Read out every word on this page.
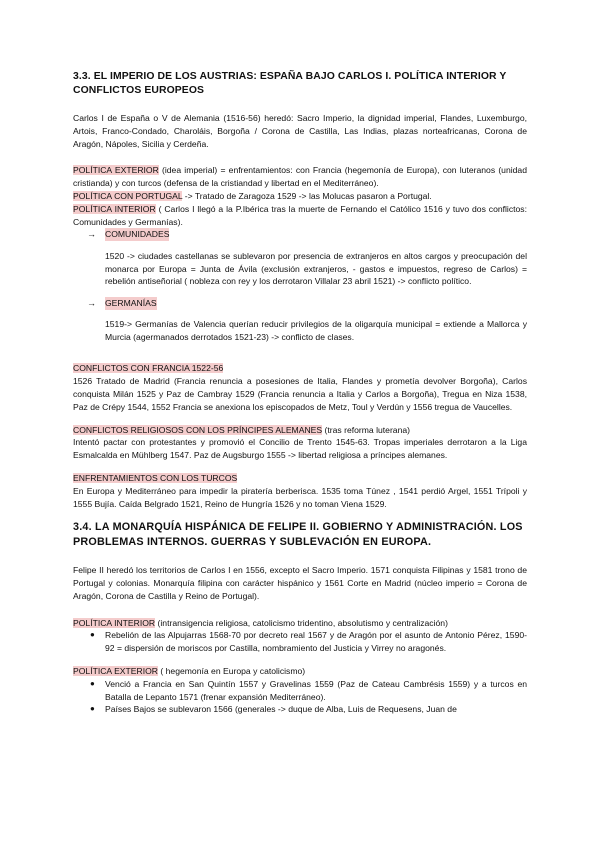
3.3. EL IMPERIO DE LOS AUSTRIAS: ESPAÑA BAJO CARLOS I. POLÍTICA INTERIOR Y CONFLICTOS EUROPEOS

Carlos I de España o V de Alemania (1516-56) heredó: Sacro Imperio, la dignidad imperial, Flandes, Luxemburgo, Artois, Franco-Condado, Charoláis, Borgoña / Corona de Castilla, Las Indias, plazas norteafricanas, Corona de Aragón, Nápoles, Sicilia y Cerdeña.

POLÍTICA EXTERIOR (idea imperial) = enfrentamientos: con Francia (hegemonía de Europa), con luteranos (unidad cristianda) y con turcos (defensa de la cristiandad y libertad en el Mediterráneo).

POLÍTICA CON PORTUGAL -> Tratado de Zaragoza 1529 -> las Molucas pasaron a Portugal.

POLÍTICA INTERIOR ( Carlos I llegó a la P.Ibérica tras la muerte de Fernando el Católico 1516 y tuvo dos conflictos: Comunidades y Germanías).

→	COMUNIDADES

1520 -> ciudades castellanas se sublevaron por presencia de extranjeros en altos cargos y preocupación del monarca por Europa = Junta de Ávila (exclusión extranjeros, - gastos e impuestos, regreso de Carlos) = rebelión antiseñorial ( nobleza con rey y los derrotaron Villalar 23 abril 1521) -> conflicto político.

→	GERMANÍAS

1519-> Germanías de Valencia querían reducir privilegios de la oligarquía municipal = extiende a Mallorca y Murcia (agermanados derrotados 1521-23) -> conflicto de clases.

CONFLICTOS CON FRANCIA 1522-56

1526 Tratado de Madrid (Francia renuncia a posesiones de Italia, Flandes y prometía devolver Borgoña), Carlos conquista Milán 1525 y Paz de Cambray 1529 (Francia renuncia a Italia y Carlos a Borgoña), Tregua en Niza 1538, Paz de Crépy 1544, 1552 Francia se anexiona los episcopados de Metz, Toul y Verdún y 1556 tregua de Vaucelles.

CONFLICTOS RELIGIOSOS CON LOS PRÍNCIPES ALEMANES (tras reforma luterana)

Intentó pactar con protestantes y promovió el Concilio de Trento 1545-63. Tropas imperiales derrotaron a la Liga Esmalcalda en Mühlberg 1547. Paz de Augsburgo 1555 -> libertad religiosa a príncipes alemanes.

ENFRENTAMIENTOS CON LOS TURCOS

En Europa y Mediterráneo para impedir la piratería berberisca. 1535 toma Túnez , 1541 perdió Argel, 1551 Trípoli y 1555 Bujía. Caída Belgrado 1521, Reino de Hungría 1526 y no toman Viena 1529.

3.4. LA MONARQUÍA HISPÁNICA DE FELIPE II. GOBIERNO Y ADMINISTRACIÓN. LOS PROBLEMAS INTERNOS. GUERRAS Y SUBLEVACIÓN EN EUROPA.

Felipe II heredó los territorios de Carlos I en 1556, excepto el Sacro Imperio. 1571 conquista Filipinas y 1581 trono de Portugal y colonias. Monarquía filipina con carácter hispánico y 1561 Corte en Madrid (núcleo imperio = Corona de Aragón, Corona de Castilla y Reino de Portugal).

POLÍTICA INTERIOR (intransigencia religiosa, catolicismo tridentino, absolutismo y centralización)

● Rebelión de las Alpujarras 1568-70 por decreto real 1567 y de Aragón por el asunto de Antonio Pérez, 1590-92 = dispersión de moriscos por Castilla, nombramiento del Justicia y Virrey no aragonés.

POLÍTICA EXTERIOR ( hegemonía en Europa y catolicismo)

● Venció a Francia en San Quintín 1557 y Gravelinas 1559 (Paz de Cateau Cambrésis 1559) y a turcos en Batalla de Lepanto 1571 (frenar expansión Mediterráneo).
● Países Bajos se sublevaron 1566 (generales -> duque de Alba, Luis de Requesens, Juan de
